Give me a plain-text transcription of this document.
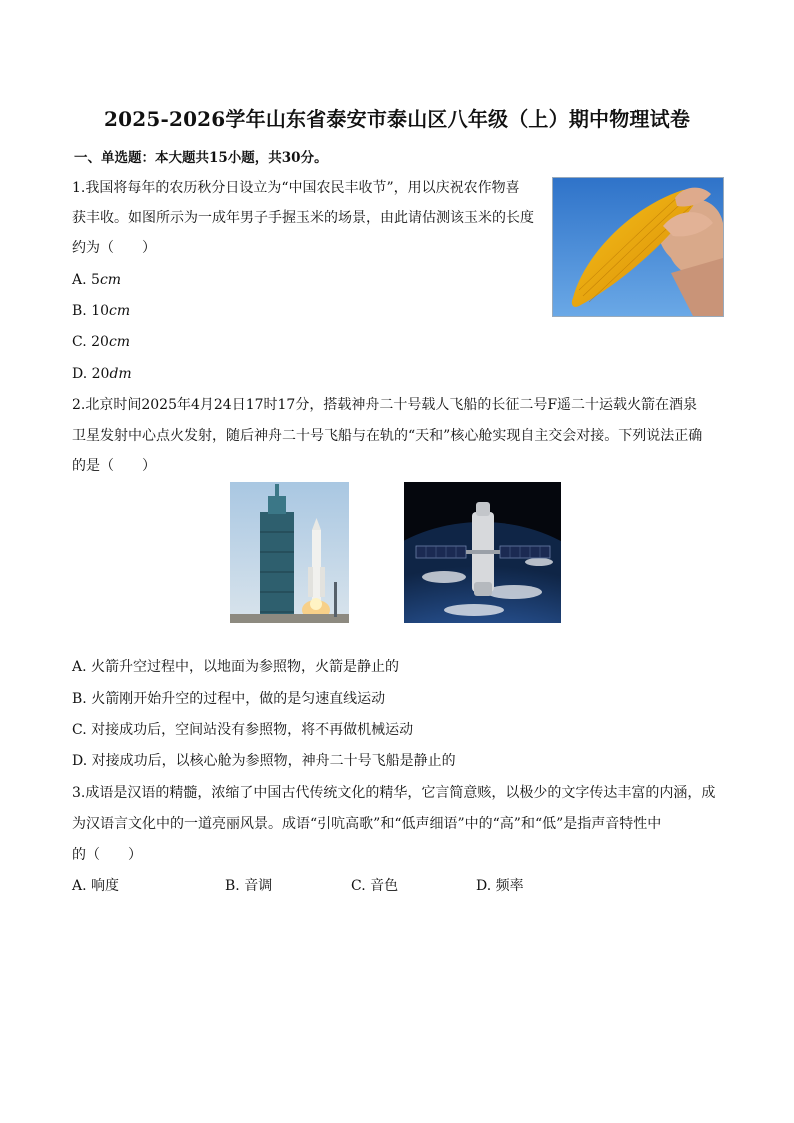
2025-2026学年山东省泰安市泰山区八年级（上）期中物理试卷
一、单选题：本大题共15小题，共30分。
1.我国将每年的农历秋分日设立为“中国农民丰收节”，用以庆祝农作物喜
获丰收。如图所示为一成年男子手握玉米的场景，由此请估测该玉米的长度
约为（　　）
A. 5cm
B. 10cm
C. 20cm
D. 20dm
2.北京时间2025年4月24日17时17分，搭载神舟二十号载人飞船的长征二号F遥二十运载火箭在酒泉
卫星发射中心点火发射，随后神舟二十号飞船与在轨的“天和”核心舱实现自主交会对接。下列说法正确
的是（　　）
A. 火箭升空过程中，以地面为参照物，火箭是静止的
B. 火箭刚开始升空的过程中，做的是匀速直线运动
C. 对接成功后，空间站没有参照物，将不再做机械运动
D. 对接成功后，以核心舱为参照物，神舟二十号飞船是静止的
3.成语是汉语的精髓，浓缩了中国古代传统文化的精华，它言简意赅，以极少的文字传达丰富的内涵，成
为汉语言文化中的一道亮丽风景。成语“引吭高歌”和“低声细语”中的“高”和“低”是指声音特性中
的（　　）
A. 响度	B. 音调	C. 音色	D. 频率
